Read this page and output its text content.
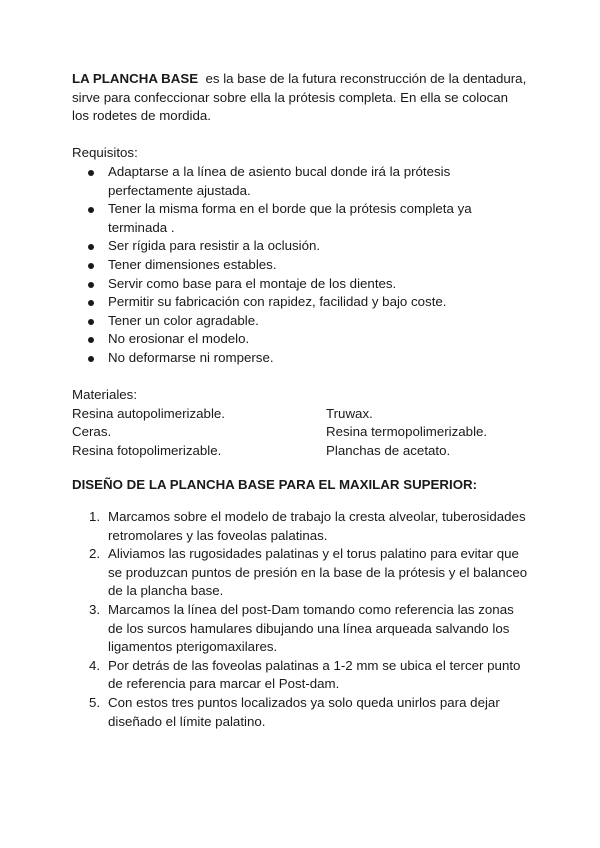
LA PLANCHA BASE es la base de la futura reconstrucción de la dentadura, sirve para confeccionar sobre ella la prótesis completa. En ella se colocan los rodetes de mordida.

Requisitos:

Adaptarse a la línea de asiento bucal donde irá la prótesis perfectamente ajustada.
Tener la misma forma en el borde que la prótesis completa ya terminada .
Ser rígida para resistir a la oclusión.
Tener dimensiones estables.
Servir como base para el montaje de los dientes.
Permitir su fabricación con rapidez, facilidad y bajo coste.
Tener un color agradable.
No erosionar el modelo.
No deformarse ni romperse.

Materiales:

Resina autopolimerizable.	Truwax.
Ceras.	Resina termopolimerizable.
Resina fotopolimerizable.	Planchas de acetato.

DISEÑO DE LA PLANCHA BASE PARA EL MAXILAR SUPERIOR:

1. Marcamos sobre el modelo de trabajo la cresta alveolar, tuberosidades retromolares y las foveolas palatinas.
2. Aliviamos las rugosidades palatinas y el torus palatino para evitar que se produzcan puntos de presión en la base de la prótesis y el balanceo de la plancha base.
3. Marcamos la línea del post-Dam tomando como referencia las zonas de los surcos hamulares dibujando una línea arqueada salvando los ligamentos pterigomaxilares.
4. Por detrás de las foveolas palatinas a 1-2 mm se ubica el tercer punto de referencia para marcar el Post-dam.
5. Con estos tres puntos localizados ya solo queda unirlos para dejar diseñado el límite palatino.
